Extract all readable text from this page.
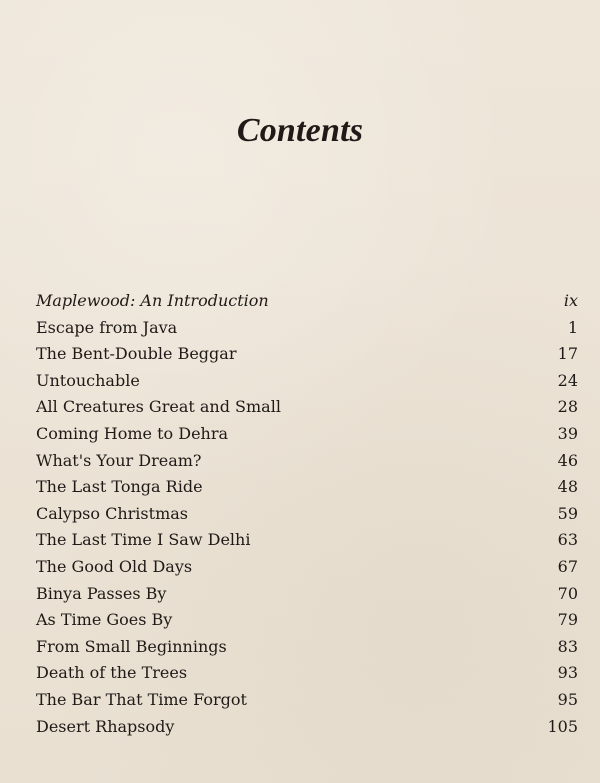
Contents
Maplewood: An Introduction	ix
Escape from Java	1
The Bent-Double Beggar	17
Untouchable	24
All Creatures Great and Small	28
Coming Home to Dehra	39
What's Your Dream?	46
The Last Tonga Ride	48
Calypso Christmas	59
The Last Time I Saw Delhi	63
The Good Old Days	67
Binya Passes By	70
As Time Goes By	79
From Small Beginnings	83
Death of the Trees	93
The Bar That Time Forgot	95
Desert Rhapsody	105
